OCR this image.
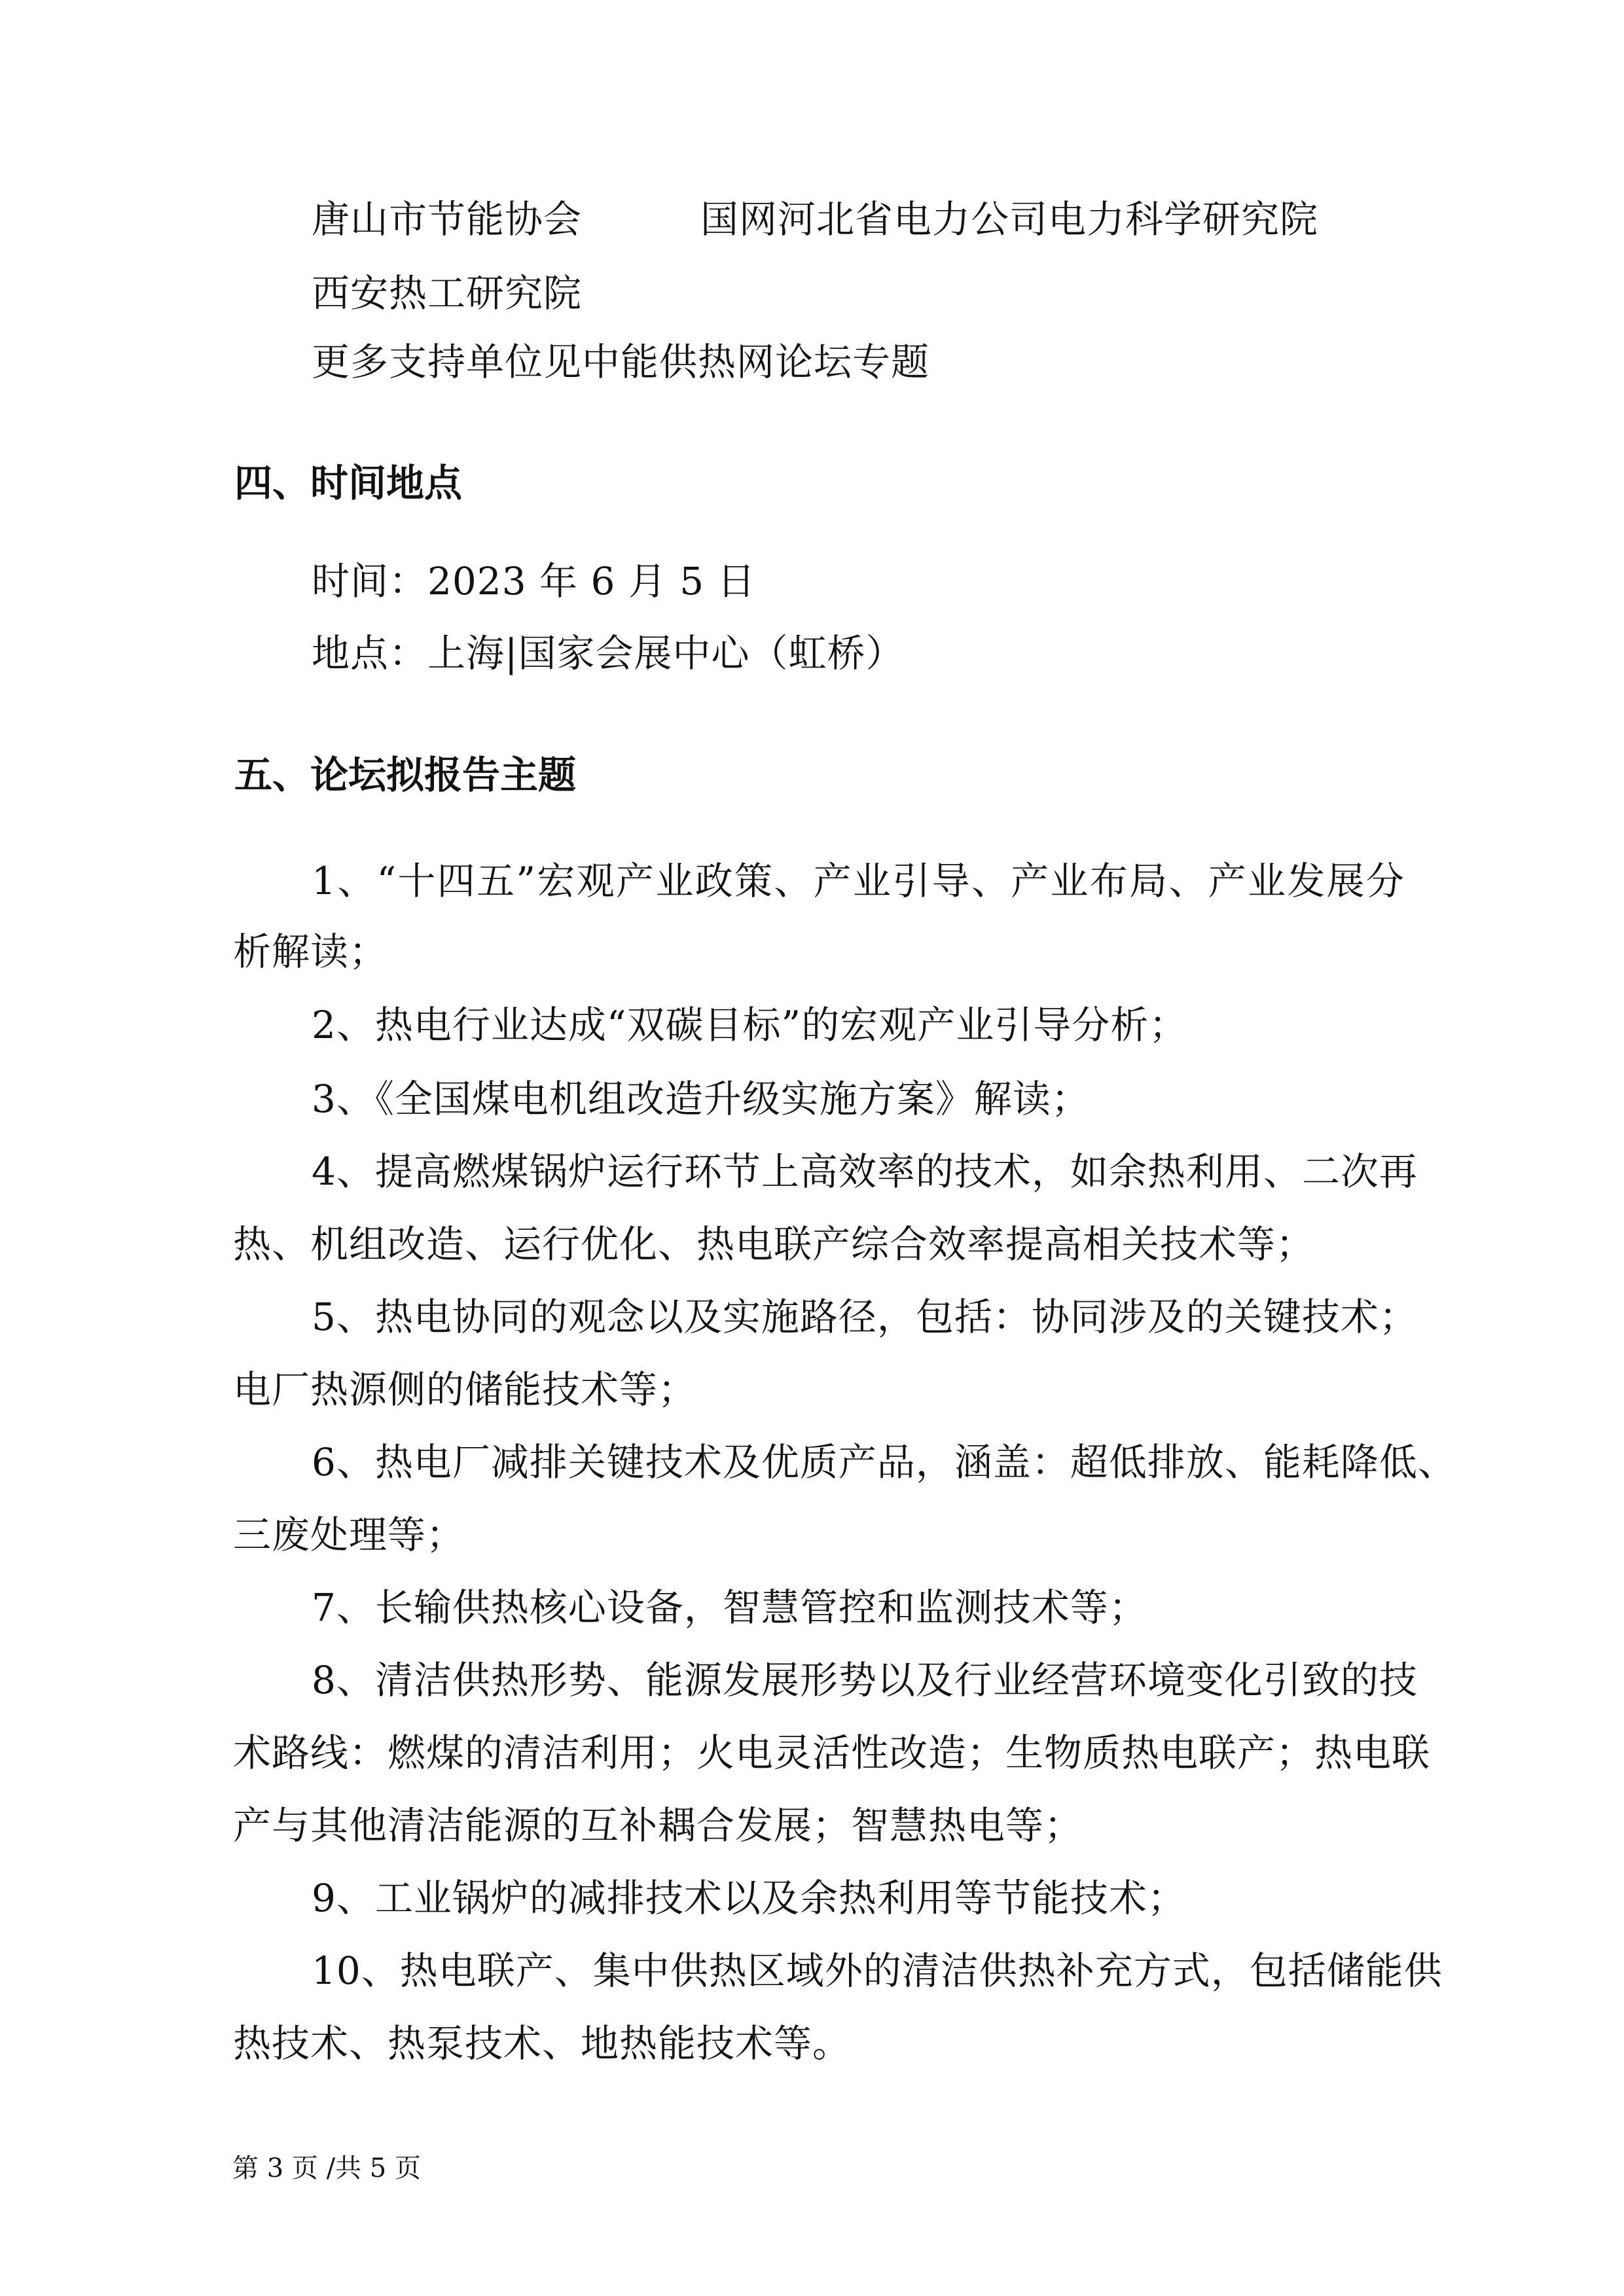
唐山市节能协会	国网河北省电力公司电力科学研究院
西安热工研究院
更多支持单位见中能供热网论坛专题
四、时间地点
时间：2023 年 6 月 5 日
地点：上海|国家会展中心（虹桥）
五、论坛拟报告主题
1、“十四五”宏观产业政策、产业引导、产业布局、产业发展分
析解读；
2、热电行业达成“双碳目标”的宏观产业引导分析；
3、《全国煤电机组改造升级实施方案》解读；
4、提高燃煤锅炉运行环节上高效率的技术，如余热利用、二次再
热、机组改造、运行优化、热电联产综合效率提高相关技术等；
5、热电协同的观念以及实施路径，包括：协同涉及的关键技术；
电厂热源侧的储能技术等；
6、热电厂减排关键技术及优质产品，涵盖：超低排放、能耗降低、
三废处理等；
7、长输供热核心设备，智慧管控和监测技术等；
8、清洁供热形势、能源发展形势以及行业经营环境变化引致的技
术路线：燃煤的清洁利用；火电灵活性改造；生物质热电联产；热电联
产与其他清洁能源的互补耦合发展；智慧热电等；
9、工业锅炉的减排技术以及余热利用等节能技术；
10、热电联产、集中供热区域外的清洁供热补充方式，包括储能供
热技术、热泵技术、地热能技术等。
第 3 页 /共 5 页
